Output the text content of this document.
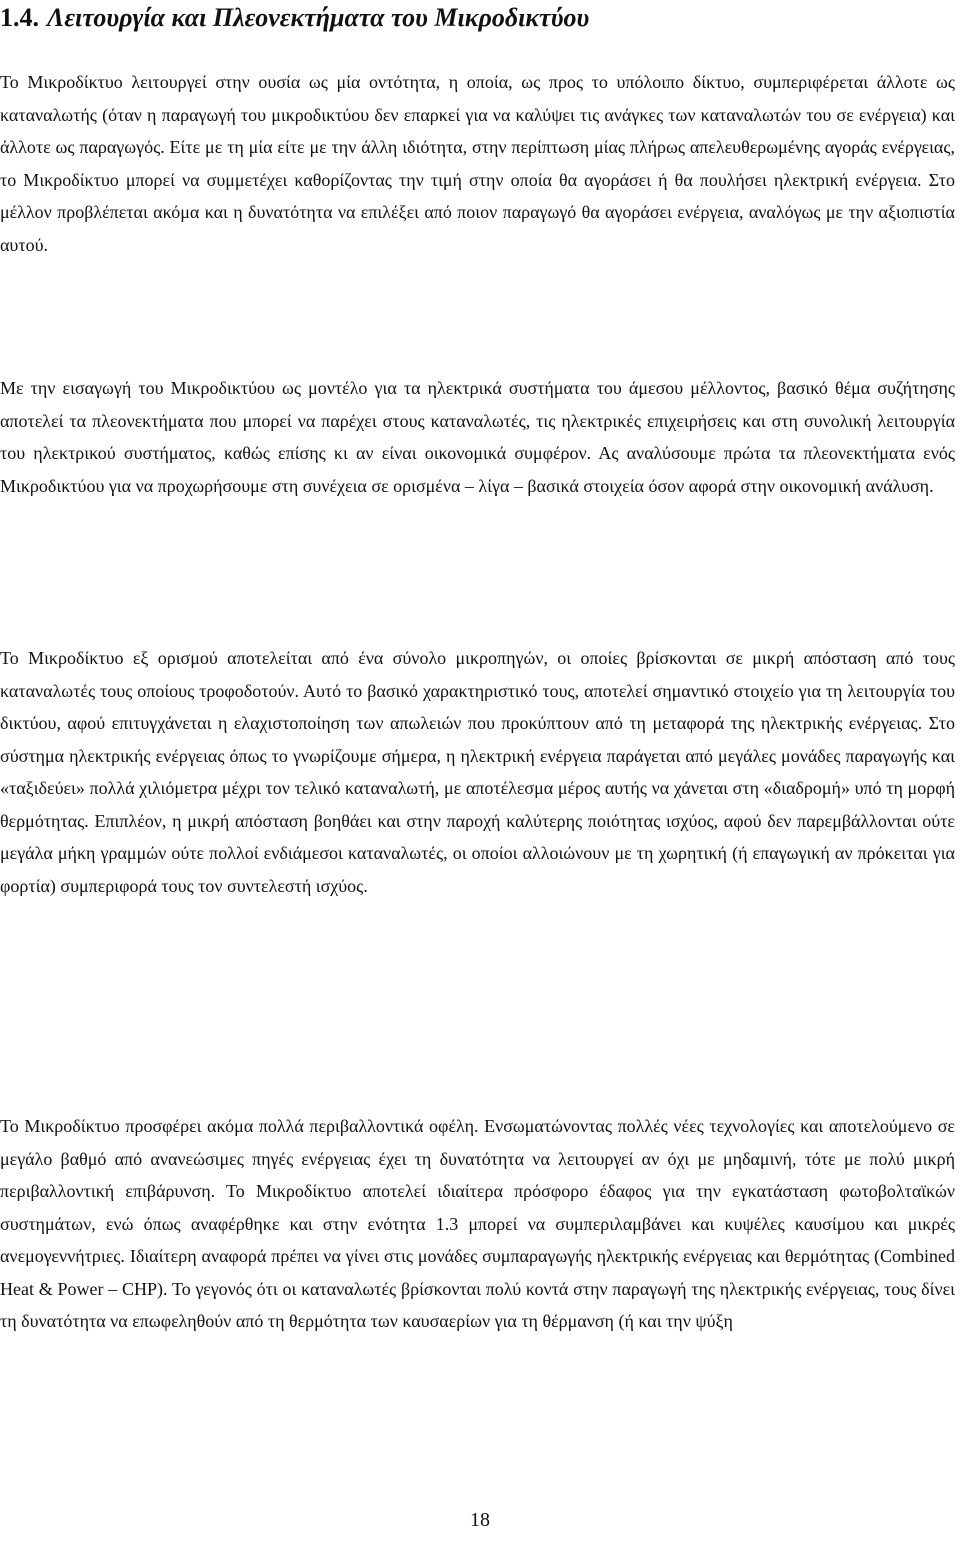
1.4. Λειτουργία και Πλεονεκτήματα του Μικροδικτύου

Το Μικροδίκτυο λειτουργεί στην ουσία ως μία οντότητα, η οποία, ως προς το υπόλοιπο δίκτυο, συμπεριφέρεται άλλοτε ως καταναλωτής (όταν η παραγωγή του μικροδικτύου δεν επαρκεί για να καλύψει τις ανάγκες των καταναλωτών του σε ενέργεια) και άλλοτε ως παραγωγός. Είτε με τη μία είτε με την άλλη ιδιότητα, στην περίπτωση μίας πλήρως απελευθερωμένης αγοράς ενέργειας, το Μικροδίκτυο μπορεί να συμμετέχει καθορίζοντας την τιμή στην οποία θα αγοράσει ή θα πουλήσει ηλεκτρική ενέργεια. Στο μέλλον προβλέπεται ακόμα και η δυνατότητα να επιλέξει από ποιον παραγωγό θα αγοράσει ενέργεια, αναλόγως με την αξιοπιστία αυτού.

Με την εισαγωγή του Μικροδικτύου ως μοντέλο για τα ηλεκτρικά συστήματα του άμεσου μέλλοντος, βασικό θέμα συζήτησης αποτελεί τα πλεονεκτήματα που μπορεί να παρέχει στους καταναλωτές, τις ηλεκτρικές επιχειρήσεις και στη συνολική λειτουργία του ηλεκτρικού συστήματος, καθώς επίσης κι αν είναι οικονομικά συμφέρον. Ας αναλύσουμε πρώτα τα πλεονεκτήματα ενός Μικροδικτύου για να προχωρήσουμε στη συνέχεια σε ορισμένα – λίγα – βασικά στοιχεία όσον αφορά στην οικονομική ανάλυση.

Το Μικροδίκτυο εξ ορισμού αποτελείται από ένα σύνολο μικροπηγών, οι οποίες βρίσκονται σε μικρή απόσταση από τους καταναλωτές τους οποίους τροφοδοτούν. Αυτό το βασικό χαρακτηριστικό τους, αποτελεί σημαντικό στοιχείο για τη λειτουργία του δικτύου, αφού επιτυγχάνεται η ελαχιστοποίηση των απωλειών που προκύπτουν από τη μεταφορά της ηλεκτρικής ενέργειας. Στο σύστημα ηλεκτρικής ενέργειας όπως το γνωρίζουμε σήμερα, η ηλεκτρική ενέργεια παράγεται από μεγάλες μονάδες παραγωγής και «ταξιδεύει» πολλά χιλιόμετρα μέχρι τον τελικό καταναλωτή, με αποτέλεσμα μέρος αυτής να χάνεται στη «διαδρομή» υπό τη μορφή θερμότητας. Επιπλέον, η μικρή απόσταση βοηθάει και στην παροχή καλύτερης ποιότητας ισχύος, αφού δεν παρεμβάλλονται ούτε μεγάλα μήκη γραμμών ούτε πολλοί ενδιάμεσοι καταναλωτές, οι οποίοι αλλοιώνουν με τη χωρητική (ή επαγωγική αν πρόκειται για φορτία) συμπεριφορά τους τον συντελεστή ισχύος.

Το Μικροδίκτυο προσφέρει ακόμα πολλά περιβαλλοντικά οφέλη. Ενσωματώνοντας πολλές νέες τεχνολογίες και αποτελούμενο σε μεγάλο βαθμό από ανανεώσιμες πηγές ενέργειας έχει τη δυνατότητα να λειτουργεί αν όχι με μηδαμινή, τότε με πολύ μικρή περιβαλλοντική επιβάρυνση. Το Μικροδίκτυο αποτελεί ιδιαίτερα πρόσφορο έδαφος για την εγκατάσταση φωτοβολταϊκών συστημάτων, ενώ όπως αναφέρθηκε και στην ενότητα 1.3 μπορεί να συμπεριλαμβάνει και κυψέλες καυσίμου και μικρές ανεμογεννήτριες. Ιδιαίτερη αναφορά πρέπει να γίνει στις μονάδες συμπαραγωγής ηλεκτρικής ενέργειας και θερμότητας (Combined Heat & Power – CHP). Το γεγονός ότι οι καταναλωτές βρίσκονται πολύ κοντά στην παραγωγή της ηλεκτρικής ενέργειας, τους δίνει τη δυνατότητα να επωφεληθούν από τη θερμότητα των καυσαερίων για τη θέρμανση (ή και την ψύξη

18
